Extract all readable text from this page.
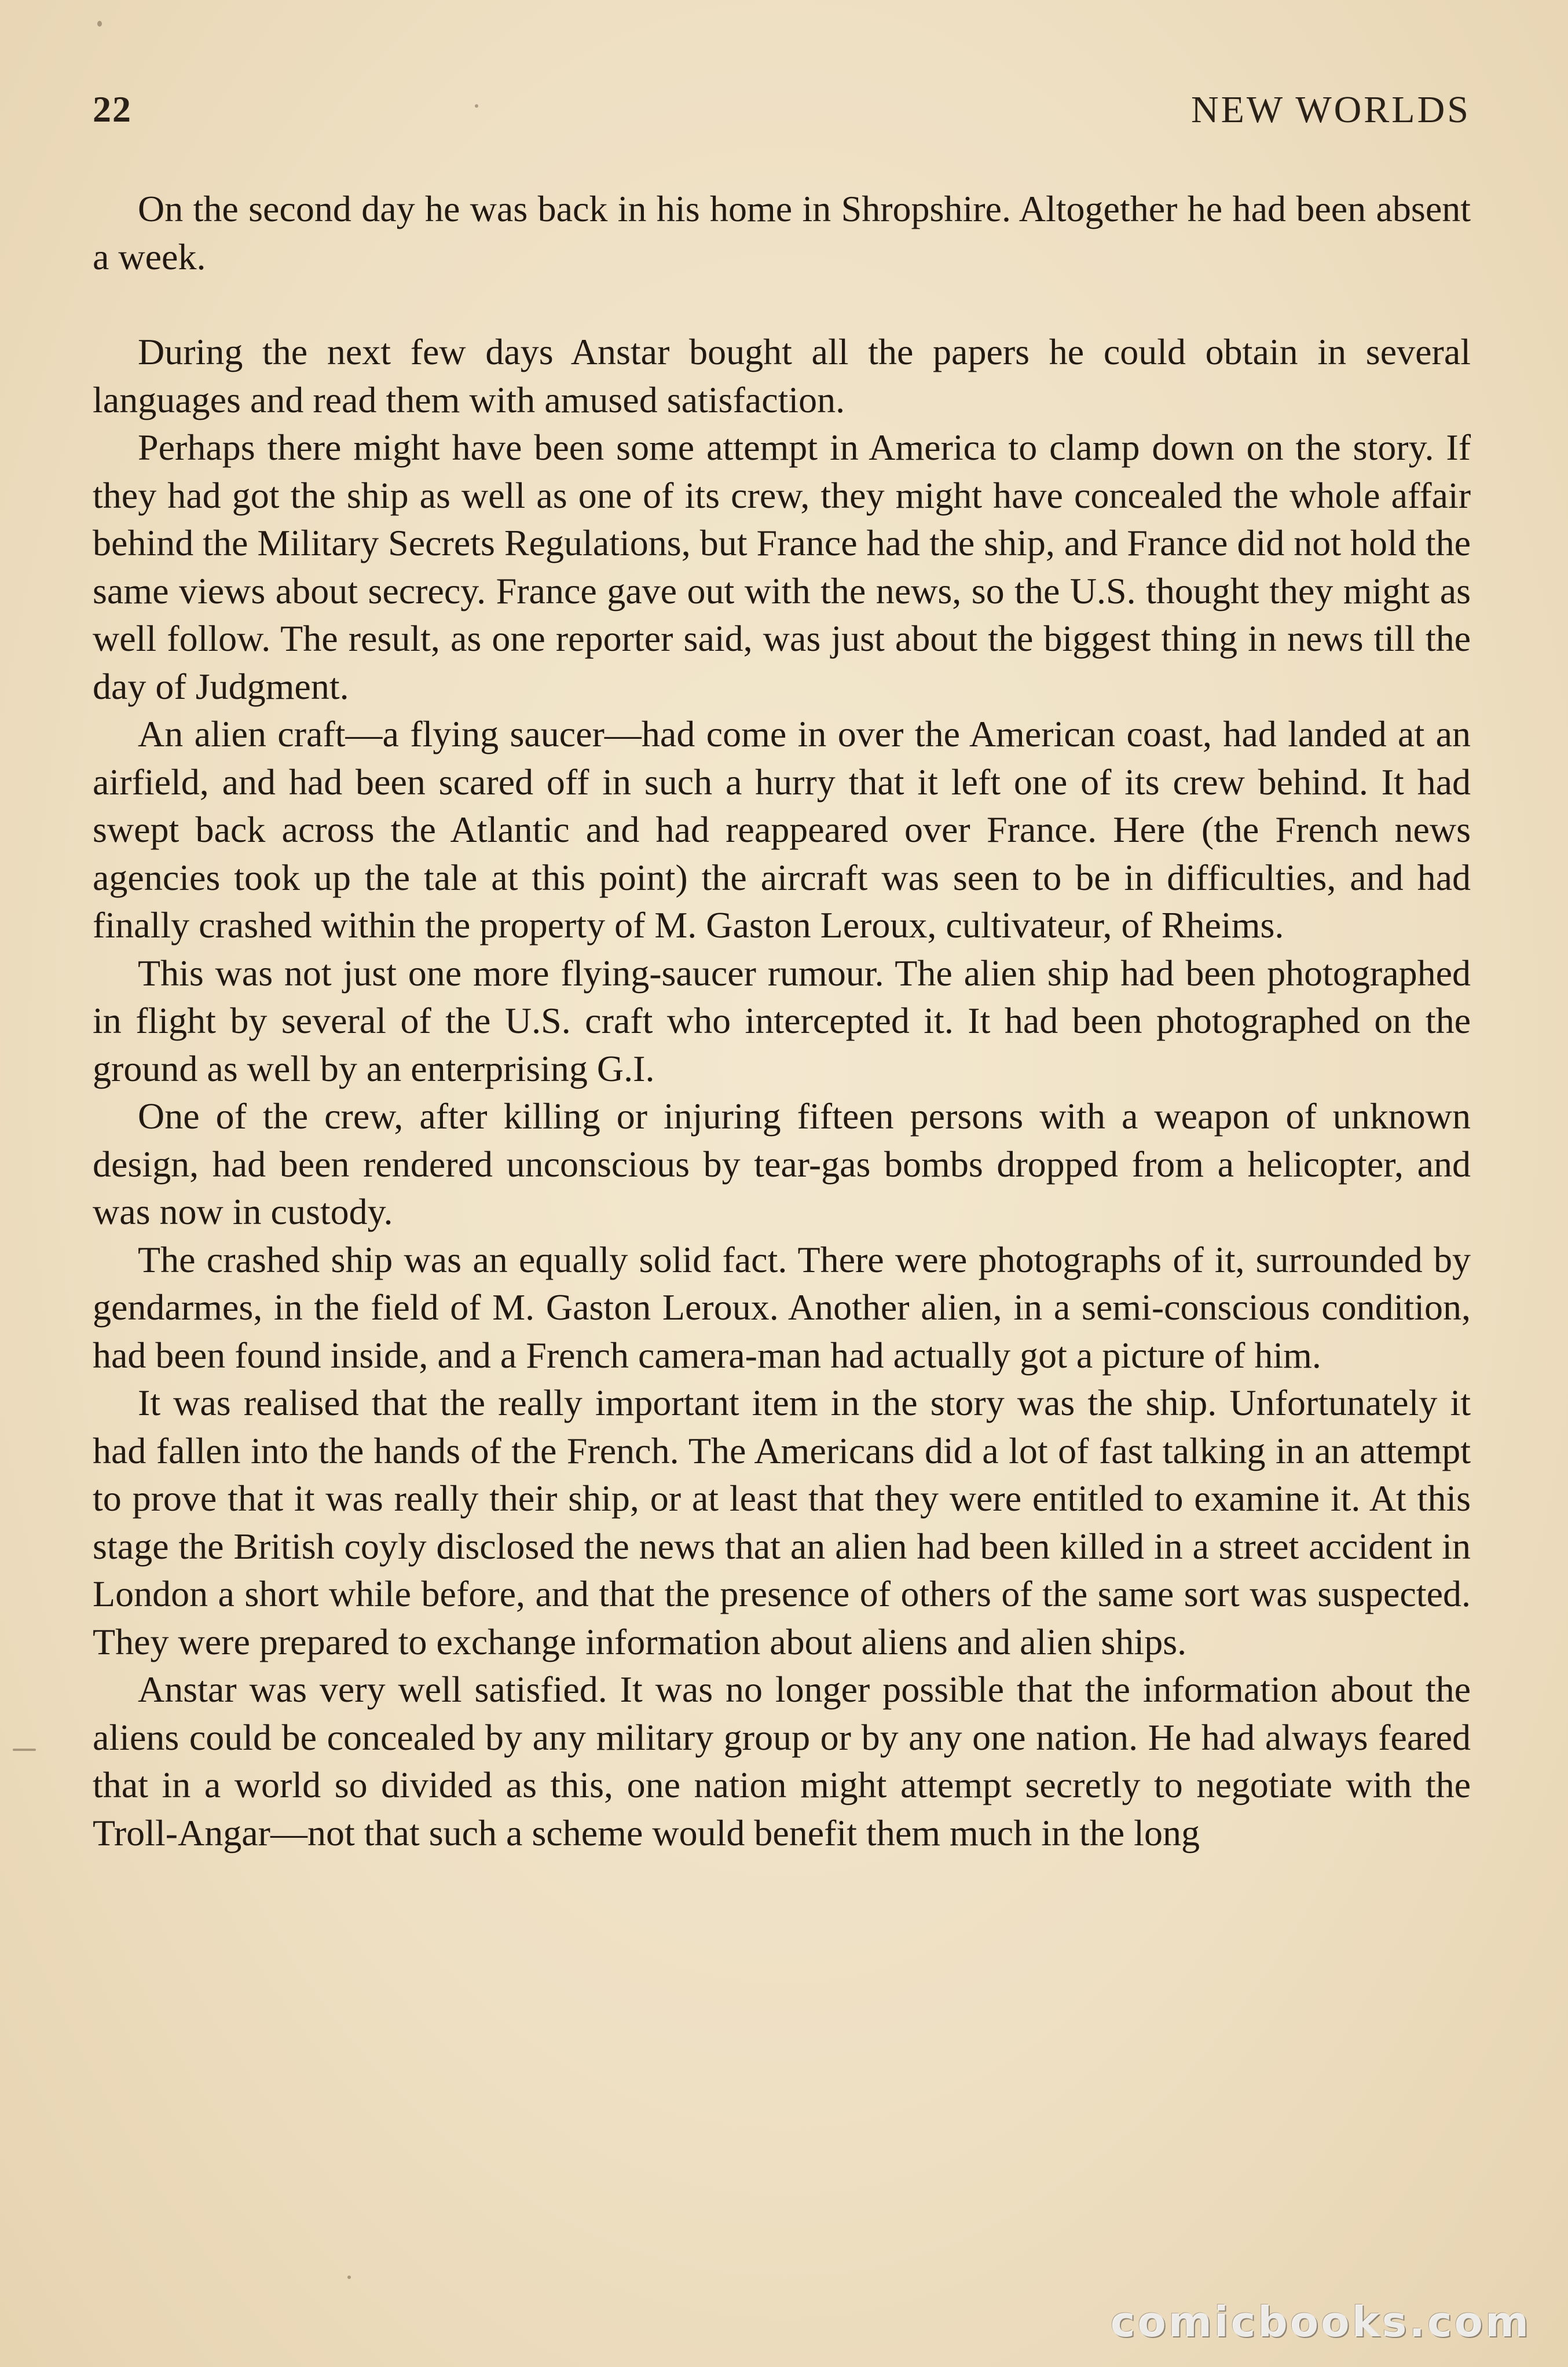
22	NEW WORLDS

On the second day he was back in his home in Shropshire. Altogether he had been absent a week.

During the next few days Anstar bought all the papers he could obtain in several languages and read them with amused satisfaction.

Perhaps there might have been some attempt in America to clamp down on the story. If they had got the ship as well as one of its crew, they might have concealed the whole affair behind the Military Secrets Regulations, but France had the ship, and France did not hold the same views about secrecy. France gave out with the news, so the U.S. thought they might as well follow. The result, as one reporter said, was just about the biggest thing in news till the day of Judgment.

An alien craft—a flying saucer—had come in over the American coast, had landed at an airfield, and had been scared off in such a hurry that it left one of its crew behind. It had swept back across the Atlantic and had reappeared over France. Here (the French news agencies took up the tale at this point) the aircraft was seen to be in difficulties, and had finally crashed within the property of M. Gaston Leroux, cultivateur, of Rheims.

This was not just one more flying-saucer rumour. The alien ship had been photographed in flight by several of the U.S. craft who intercepted it. It had been photographed on the ground as well by an enterprising G.I.

One of the crew, after killing or injuring fifteen persons with a weapon of unknown design, had been rendered unconscious by tear-gas bombs dropped from a helicopter, and was now in custody.

The crashed ship was an equally solid fact. There were photographs of it, surrounded by gendarmes, in the field of M. Gaston Leroux. Another alien, in a semi-conscious condition, had been found inside, and a French camera-man had actually got a picture of him.

It was realised that the really important item in the story was the ship. Unfortunately it had fallen into the hands of the French. The Americans did a lot of fast talking in an attempt to prove that it was really their ship, or at least that they were entitled to examine it. At this stage the British coyly disclosed the news that an alien had been killed in a street accident in London a short while before, and that the presence of others of the same sort was suspected. They were prepared to exchange information about aliens and alien ships.

Anstar was very well satisfied. It was no longer possible that the information about the aliens could be concealed by any military group or by any one nation. He had always feared that in a world so divided as this, one nation might attempt secretly to negotiate with the Troll-Angar—not that such a scheme would benefit them much in the long

comicbooks.com
